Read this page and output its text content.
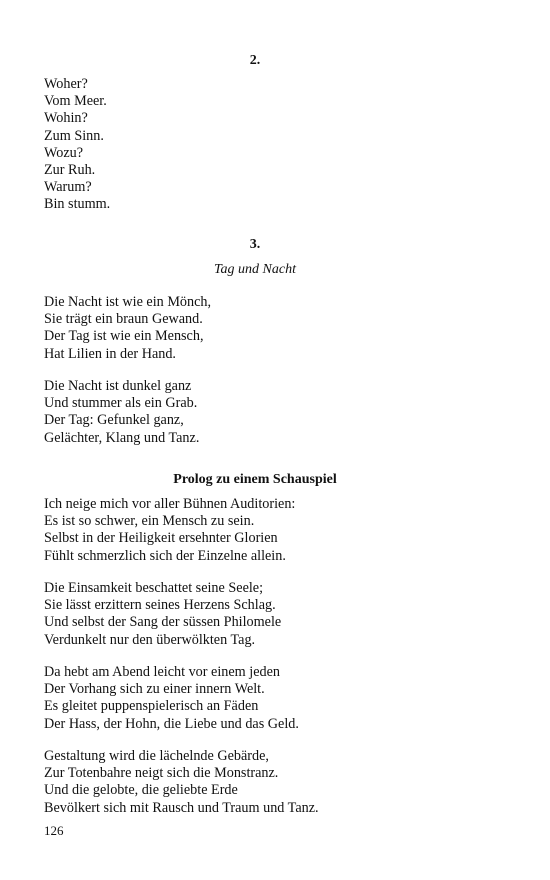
2.
Woher?
Vom Meer.
Wohin?
Zum Sinn.
Wozu?
Zur Ruh.
Warum?
Bin stumm.
3.
Tag und Nacht
Die Nacht ist wie ein Mönch,
Sie trägt ein braun Gewand.
Der Tag ist wie ein Mensch,
Hat Lilien in der Hand.
Die Nacht ist dunkel ganz
Und stummer als ein Grab.
Der Tag: Gefunkel ganz,
Gelächter, Klang und Tanz.
Prolog zu einem Schauspiel
Ich neige mich vor aller Bühnen Auditorien:
Es ist so schwer, ein Mensch zu sein.
Selbst in der Heiligkeit ersehnter Glorien
Fühlt schmerzlich sich der Einzelne allein.
Die Einsamkeit beschattet seine Seele;
Sie lässt erzittern seines Herzens Schlag.
Und selbst der Sang der süssen Philomele
Verdunkelt nur den überwölkten Tag.
Da hebt am Abend leicht vor einem jeden
Der Vorhang sich zu einer innern Welt.
Es gleitet puppenspielerisch an Fäden
Der Hass, der Hohn, die Liebe und das Geld.
Gestaltung wird die lächelnde Gebärde,
Zur Totenbahre neigt sich die Monstranz.
Und die gelobte, die geliebte Erde
Bevölkert sich mit Rausch und Traum und Tanz.
126
